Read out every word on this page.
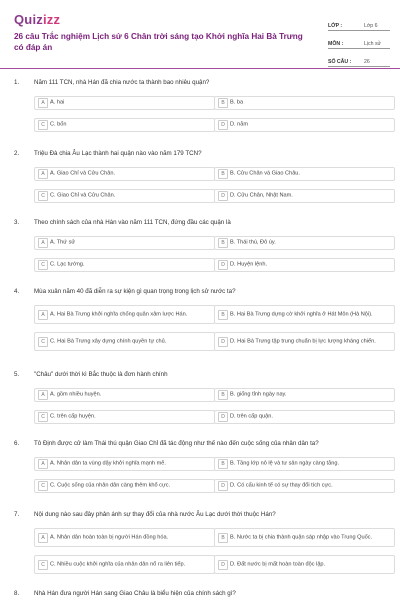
Quizizz
26 câu Trắc nghiệm Lịch sử 6 Chân trời sáng tạo Khởi nghĩa Hai Bà Trưng có đáp án
LỚP :	Lớp 6
MÔN :	Lịch sử
SỐ CÂU : 26
1. Năm 111 TCN, nhà Hán đã chia nước ta thành bao nhiêu quận?
A A. hai	B B. ba
C C. bốn	D D. năm
2. Triệu Đà chia Âu Lạc thành hai quận nào vào năm 179 TCN?
A A. Giao Chỉ và Cửu Chân.	B B. Cửu Chân và Giao Châu.
C C. Giao Chỉ và Cửu Chân.	D D. Cửu Chân, Nhật Nam.
3. Theo chính sách của nhà Hán vào năm 111 TCN, đứng đầu các quận là
A A. Thứ sử	B B. Thái thú, Đô úy.
C C. Lạc tướng.	D D. Huyện lệnh.
4. Mùa xuân năm 40 đã diễn ra sự kiện gì quan trọng trong lịch sử nước ta?
A A. Hai Bà Trưng khởi nghĩa chống quân xâm lược Hán.	B B. Hai Bà Trưng dựng cờ khởi nghĩa ở Hát Môn (Hà Nội).
C C. Hai Bà Trưng xây dựng chính quyền tự chủ.	D D. Hai Bà Trưng tập trung chuẩn bị lực lượng kháng chiến.
5. "Châu" dưới thời kì Bắc thuộc là đơn hành chính
A A. gồm nhiều huyện.	B B. giống tỉnh ngày nay.
C C. trên cấp huyện.	D D. trên cấp quận.
6. Tô Định được cử làm Thái thú quận Giao Chỉ đã tác động như thế nào đến cuộc sống của nhân dân ta?
A A. Nhân dân ta vùng dậy khởi nghĩa mạnh mẽ.	B B. Tầng lớp nô lệ và tư sản ngày càng tăng.
C C. Cuộc sống của nhân dân càng thêm khổ cực.	D D. Có cấu kinh tế có sự thay đổi tích cực.
7. Nội dung nào sau đây phản ánh sự thay đổi của nhà nước Âu Lạc dưới thời thuộc Hán?
A A. Nhân dân hoàn toàn bị người Hán đồng hóa.	B B. Nước ta bị chia thành quận sáp nhập vào Trung Quốc.
C C. Nhiều cuộc khởi nghĩa của nhân dân nổ ra liên tiếp.	D D. Đất nước bị mất hoàn toàn độc lập.
8. Nhà Hán đưa người Hán sang Giao Châu là biểu hiện của chính sách gì?
